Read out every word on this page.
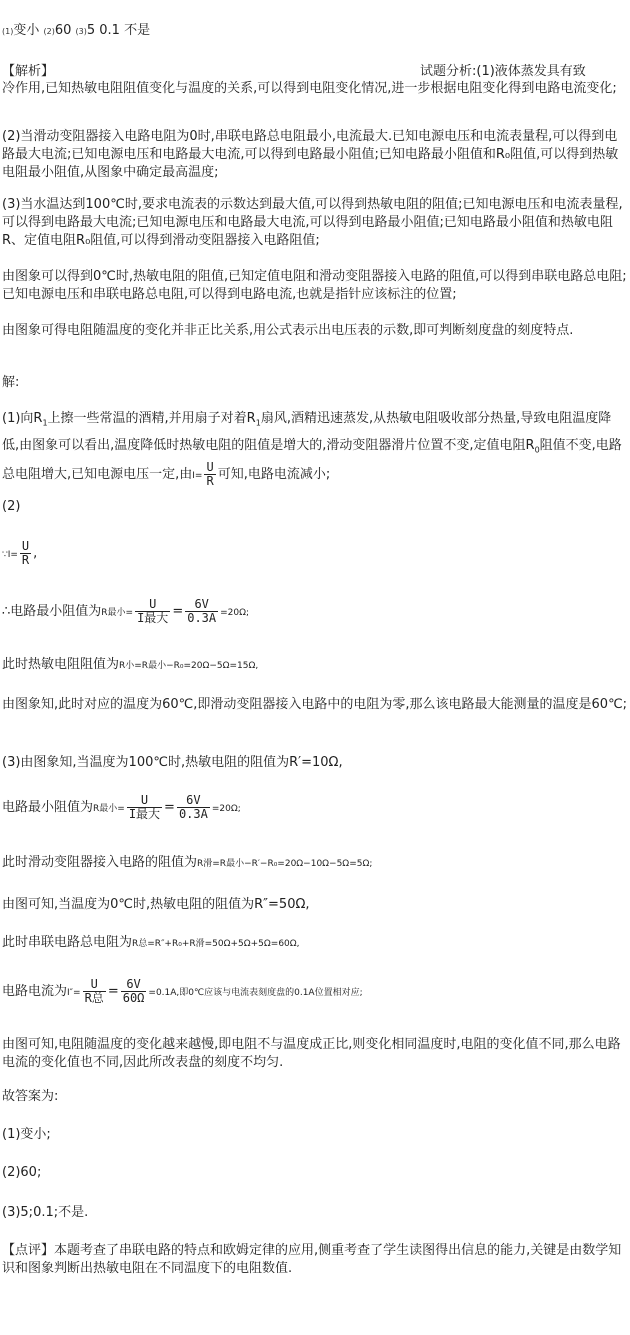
(1)变小 (2)60 (3)5 0.1 不是
【解析】	试题分析:(1)液体蒸发具有致
冷作用,已知热敏电阻阻值变化与温度的关系,可以得到电阻变化情况,进一步根据电阻变化得到电路电流变化;
(2)当滑动变阻器接入电路电阻为0时,串联电路总电阻最小,电流最大.已知电源电压和电流表量程,可以得到电路最大电流;已知电源电压和电路最大电流,可以得到电路最小阻值;已知电路最小阻值和R₀阻值,可以得到热敏电阻最小阻值,从图象中确定最高温度;
(3)当水温达到100℃时,要求电流表的示数达到最大值,可以得到热敏电阻的阻值;已知电源电压和电流表量程,可以得到电路最大电流;已知电源电压和电路最大电流,可以得到电路最小阻值;已知电路最小阻值和热敏电阻R、定值电阻R₀阻值,可以得到滑动变阻器接入电路阻值;
由图象可以得到0℃时,热敏电阻的阻值,已知定值电阻和滑动变阻器接入电路的阻值,可以得到串联电路总电阻;已知电源电压和串联电路总电阻,可以得到电路电流,也就是指针应该标注的位置;
由图象可得电阻随温度的变化并非正比关系,用公式表示出电压表的示数,即可判断刻度盘的刻度特点.
解:
(1)向$R_1$上擦一些常温的酒精,并用扇子对着$R_1$扇风,酒精迅速蒸发,从热敏电阻吸收部分热量,导致电阻温度降低,由图象可以看出,温度降低时热敏电阻的阻值是增大的,滑动变阻器滑片位置不变,定值电阻$R_0$阻值不变,电路总电阻增大,已知电源电压一定,由$I= \frac{U}{R}$ 可知,电路电流减小;
(2)
∵I= $\frac{U}{R}$ ,
∴电路最小阻值为R最小= $\frac{U}{\text{I最大}} = \frac{6V}{0.3A} =20\Omega$;
此时热敏电阻阻值为R小=R最小−R₀=20Ω−5Ω=15Ω,
由图象知,此时对应的温度为60℃,即滑动变阻器接入电路中的电阻为零,那么该电路最大能测量的温度是60℃;
(3)由图象知,当温度为100℃时,热敏电阻的阻值为R′=10Ω,
电路最小阻值为R最小= $\frac{U}{\text{I最大}} = \frac{6V}{0.3A} =20\Omega$;
此时滑动变阻器接入电路的阻值为R滑=R最小−R′−R₀=20Ω−10Ω−5Ω=5Ω;
由图可知,当温度为0℃时,热敏电阻的阻值为R″=50Ω,
此时串联电路总电阻为R总=R″+R₀+R滑=50Ω+5Ω+5Ω=60Ω,
电路电流为$I''= \frac{U}{\text{R总}} = \frac{6V}{60\Omega} =0.1A$,即0℃应该与电流表刻度盘的0.1A位置相对应;
由图可知,电阻随温度的变化越来越慢,即电阻不与温度成正比,则变化相同温度时,电阻的变化值不同,那么电路电流的变化值也不同,因此所改表盘的刻度不均匀.
故答案为:
(1)变小;
(2)60;
(3)5;0.1;不是.
【点评】本题考查了串联电路的特点和欧姆定律的应用,侧重考查了学生读图得出信息的能力,关键是由数学知识和图象判断出热敏电阻在不同温度下的电阻数值.
